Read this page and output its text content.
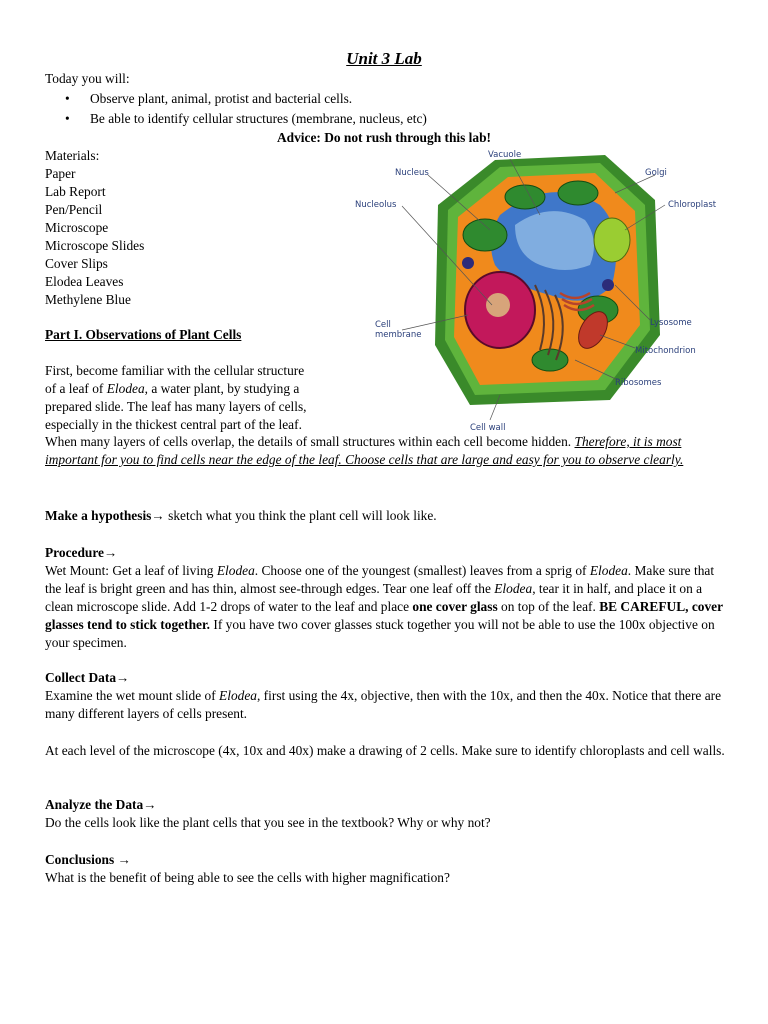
Unit 3 Lab
Today you will:
• Observe plant, animal, protist and bacterial cells.
• Be able to identify cellular structures (membrane, nucleus, etc)
Advice: Do not rush through this lab!
Materials:
Paper
Lab Report
Pen/Pencil
Microscope
Microscope Slides
Cover Slips
Elodea Leaves
Methylene Blue
Vacuole
Nucleus	Golgi
Nucleolus	Chloroplast
Cell
membrane
Lysosome
Mitochondrion
Ribosomes
Cell wall
Part I. Observations of Plant Cells
First, become familiar with the cellular structure
of a leaf of Elodea, a water plant, by studying a
prepared slide. The leaf has many layers of cells,
especially in the thickest central part of the leaf.
When many layers of cells overlap, the details of small structures within each cell become hidden. Therefore, it is most important for you to find cells near the edge of the leaf. Choose cells that are large and easy for you to observe clearly.
Make a hypothesis→ sketch what you think the plant cell will look like.
Procedure→
Wet Mount: Get a leaf of living Elodea. Choose one of the youngest (smallest) leaves from a sprig of Elodea. Make sure that the leaf is bright green and has thin, almost see-through edges. Tear one leaf off the Elodea, tear it in half, and place it on a clean microscope slide. Add 1-2 drops of water to the leaf and place one cover glass on top of the leaf. BE CAREFUL, cover glasses tend to stick together. If you have two cover glasses stuck together you will not be able to use the 100x objective on your specimen.
Collect Data→
Examine the wet mount slide of Elodea, first using the 4x, objective, then with the 10x, and then the 40x. Notice that there are many different layers of cells present.
At each level of the microscope (4x, 10x and 40x) make a drawing of 2 cells. Make sure to identify chloroplasts and cell walls.
Analyze the Data→
Do the cells look like the plant cells that you see in the textbook? Why or why not?
Conclusions →
What is the benefit of being able to see the cells with higher magnification?
